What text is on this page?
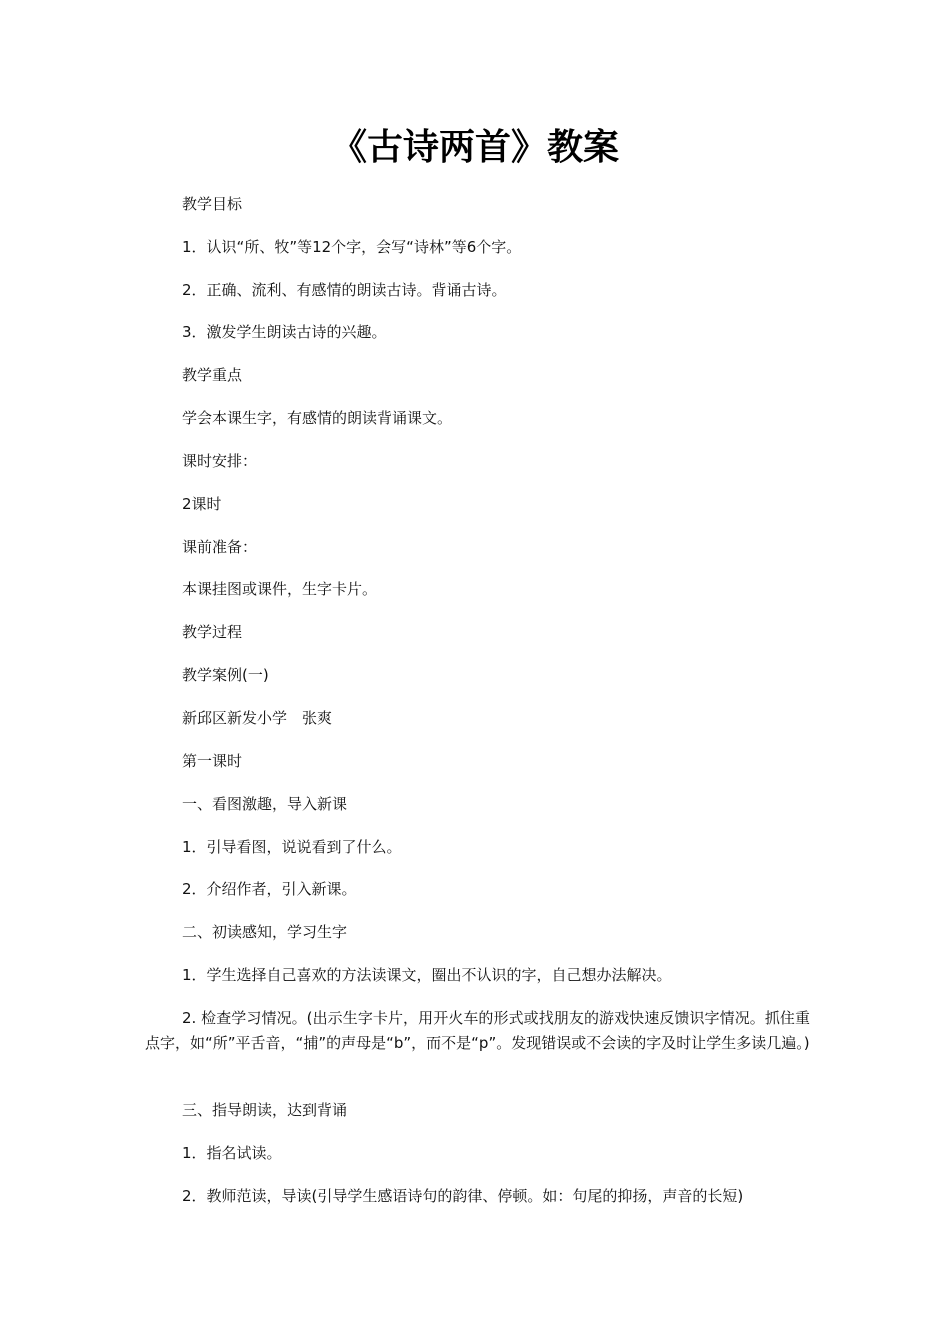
《古诗两首》教案
教学目标
1．认识“所、牧”等12个字，会写“诗林”等6个字。
2．正确、流利、有感情的朗读古诗。背诵古诗。
3．激发学生朗读古诗的兴趣。
教学重点
学会本课生字，有感情的朗读背诵课文。
课时安排：
2课时
课前准备：
本课挂图或课件，生字卡片。
教学过程
教学案例(一)
新邱区新发小学　张爽
第一课时
一、看图激趣，导入新课
1．引导看图，说说看到了什么。
2．介绍作者，引入新课。
二、初读感知，学习生字
1．学生选择自己喜欢的方法读课文，圈出不认识的字，自己想办法解决。
2. 检查学习情况。(出示生字卡片，用开火车的形式或找朋友的游戏快速反馈识字情况。抓住重点字，如“所”平舌音，“捕”的声母是“b”，而不是“p”。发现错误或不会读的字及时让学生多读几遍。)
三、指导朗读，达到背诵
1．指名试读。
2．教师范读，导读(引导学生感语诗句的韵律、停顿。如：句尾的抑扬，声音的长短)
